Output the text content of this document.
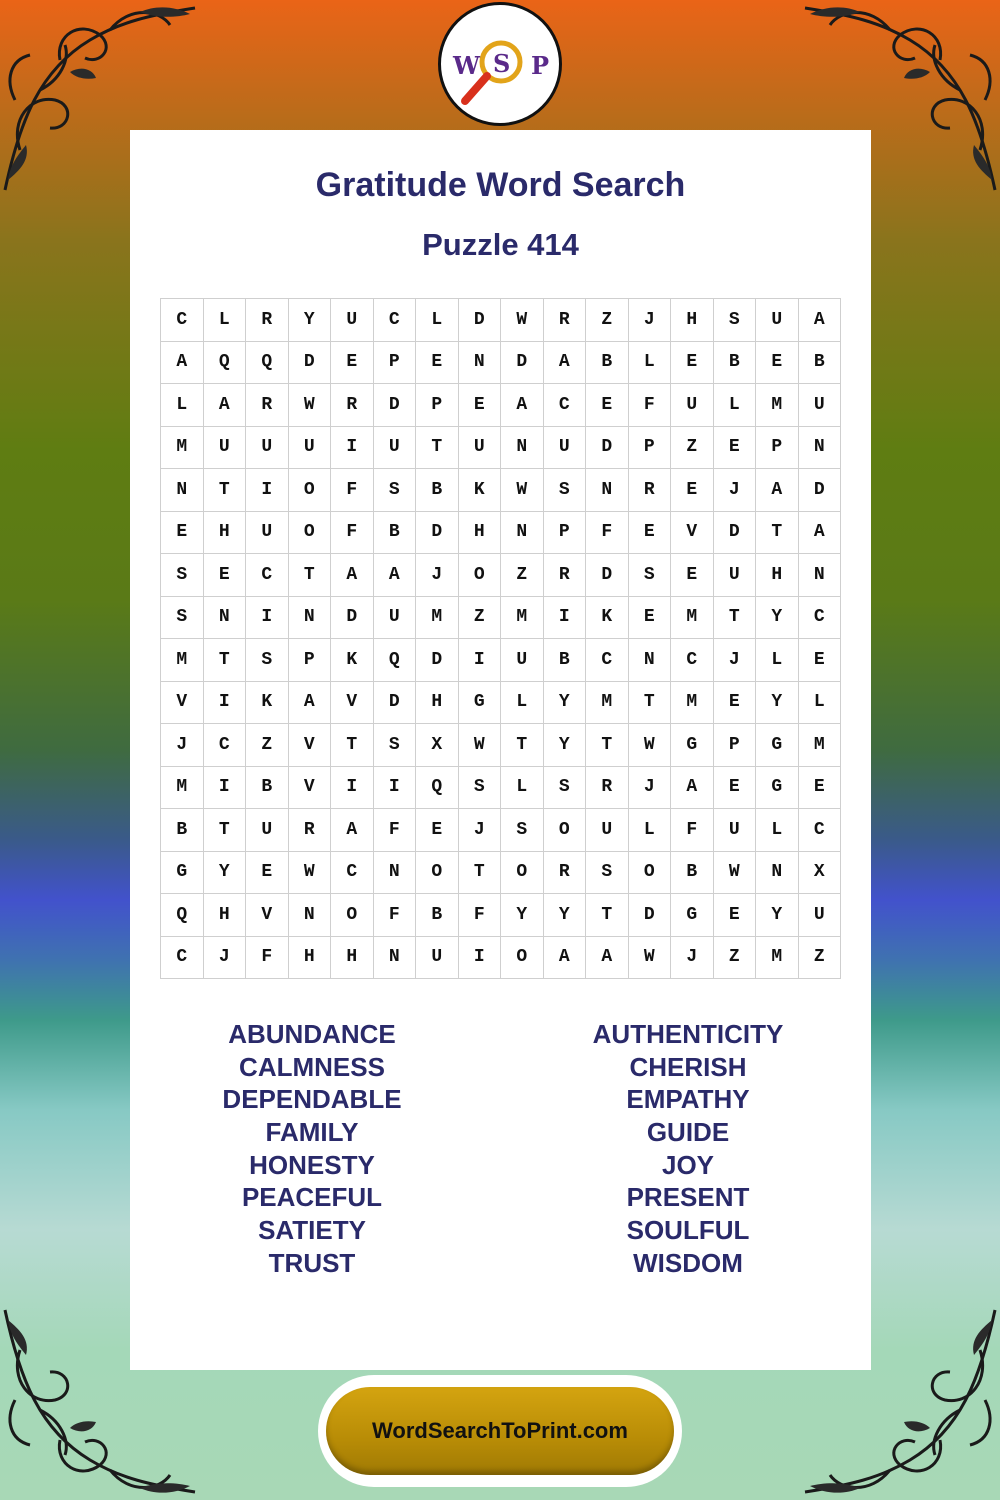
W S P
Gratitude Word Search
Puzzle 414
C	L	R	Y	U	C	L	D	W	R	Z	J	H	S	U	A
A	Q	Q	D	E	P	E	N	D	A	B	L	E	B	E	B
L	A	R	W	R	D	P	E	A	C	E	F	U	L	M	U
M	U	U	U	I	U	T	U	N	U	D	P	Z	E	P	N
N	T	I	O	F	S	B	K	W	S	N	R	E	J	A	D
E	H	U	O	F	B	D	H	N	P	F	E	V	D	T	A
S	E	C	T	A	A	J	O	Z	R	D	S	E	U	H	N
S	N	I	N	D	U	M	Z	M	I	K	E	M	T	Y	C
M	T	S	P	K	Q	D	I	U	B	C	N	C	J	L	E
V	I	K	A	V	D	H	G	L	Y	M	T	M	E	Y	L
J	C	Z	V	T	S	X	W	T	Y	T	W	G	P	G	M
M	I	B	V	I	I	Q	S	L	S	R	J	A	E	G	E
B	T	U	R	A	F	E	J	S	O	U	L	F	U	L	C
G	Y	E	W	C	N	O	T	O	R	S	O	B	W	N	X
Q	H	V	N	O	F	B	F	Y	Y	T	D	G	E	Y	U
C	J	F	H	H	N	U	I	O	A	A	W	J	Z	M	Z
ABUNDANCE
CALMNESS
DEPENDABLE
FAMILY
HONESTY
PEACEFUL
SATIETY
TRUST
AUTHENTICITY
CHERISH
EMPATHY
GUIDE
JOY
PRESENT
SOULFUL
WISDOM
WordSearchToPrint.com
